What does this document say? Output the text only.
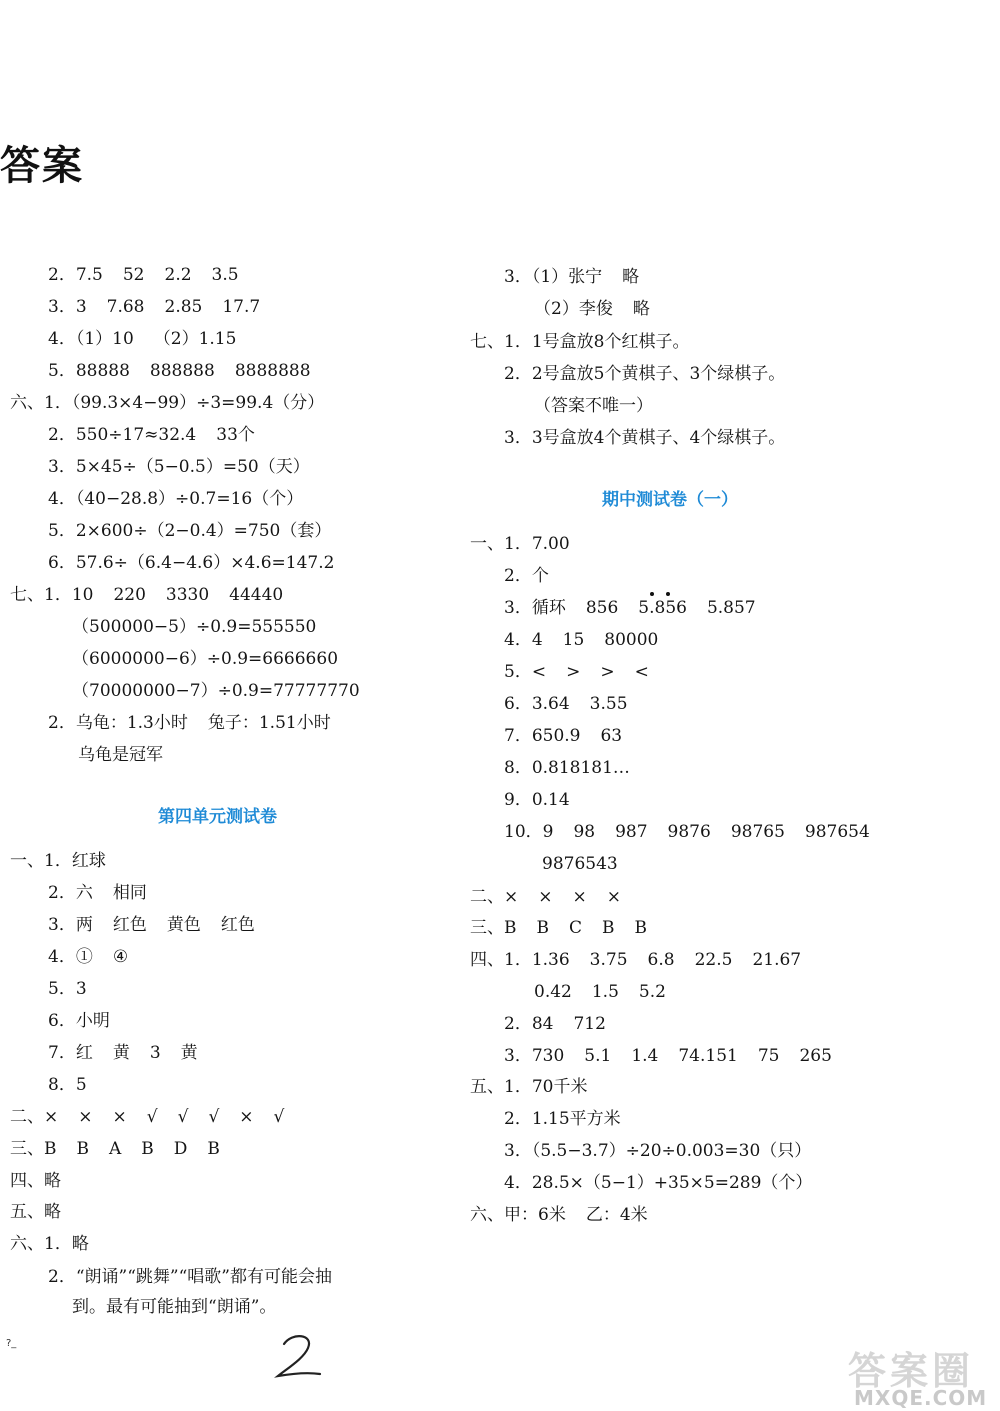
答案
2．7.5 52 2.2 3.5
3．3 7.68 2.85 17.7
4．（1）10 （2）1.15
5．88888 888888 8888888
六、1．（99.3×4−99）÷3=99.4（分）
2．550÷17≈32.4 33个
3．5×45÷（5−0.5）=50（天）
4．（40−28.8）÷0.7=16（个）
5．2×600÷（2−0.4）=750（套）
6．57.6÷（6.4−4.6）×4.6=147.2
七、1．10 220 3330 44440
（500000−5）÷0.9=555550
（6000000−6）÷0.9=6666660
（70000000−7）÷0.9=77777770
2．乌龟：1.3小时 兔子：1.51小时
乌龟是冠军
一、1．红球
2．六 相同
3．两 红色 黄色 红色
4．① ④
5．3
6．小明
7．红 黄 3 黄
8．5
二、× × × √ √ √ × √
三、B B A B D B
四、略
五、略
六、1．略
2．“朗诵”“跳舞”“唱歌”都有可能会抽
到。最有可能抽到“朗诵”。
3．（1）张宁 略
（2）李俊 略
七、1．1号盒放8个红棋子。
2．2号盒放5个黄棋子、3个绿棋子。
（答案不唯一）
3．3号盒放4个黄棋子、4个绿棋子。
一、1．7.00
2．个
3．循环 856 5.856 5.857
4．4 15 80000
5．< > > <
6．3.64 3.55
7．650.9 63
8．0.818181…
9．0.14
10．9 98 987 9876 98765 987654
9876543
二、× × × ×
三、B B C B B
四、1．1.36 3.75 6.8 22.5 21.67
0.42 1.5 5.2
2．84 712
3．730 5.1 1.4 74.151 75 265
五、1．70千米
2．1.15平方米
3．（5.5−3.7）÷20÷0.003=30（只）
4．28.5×（5−1）+35×5=289（个）
六、甲：6米 乙：4米
第四单元测试卷
期中测试卷（一）
?_
答案圈
MXQE.COM
